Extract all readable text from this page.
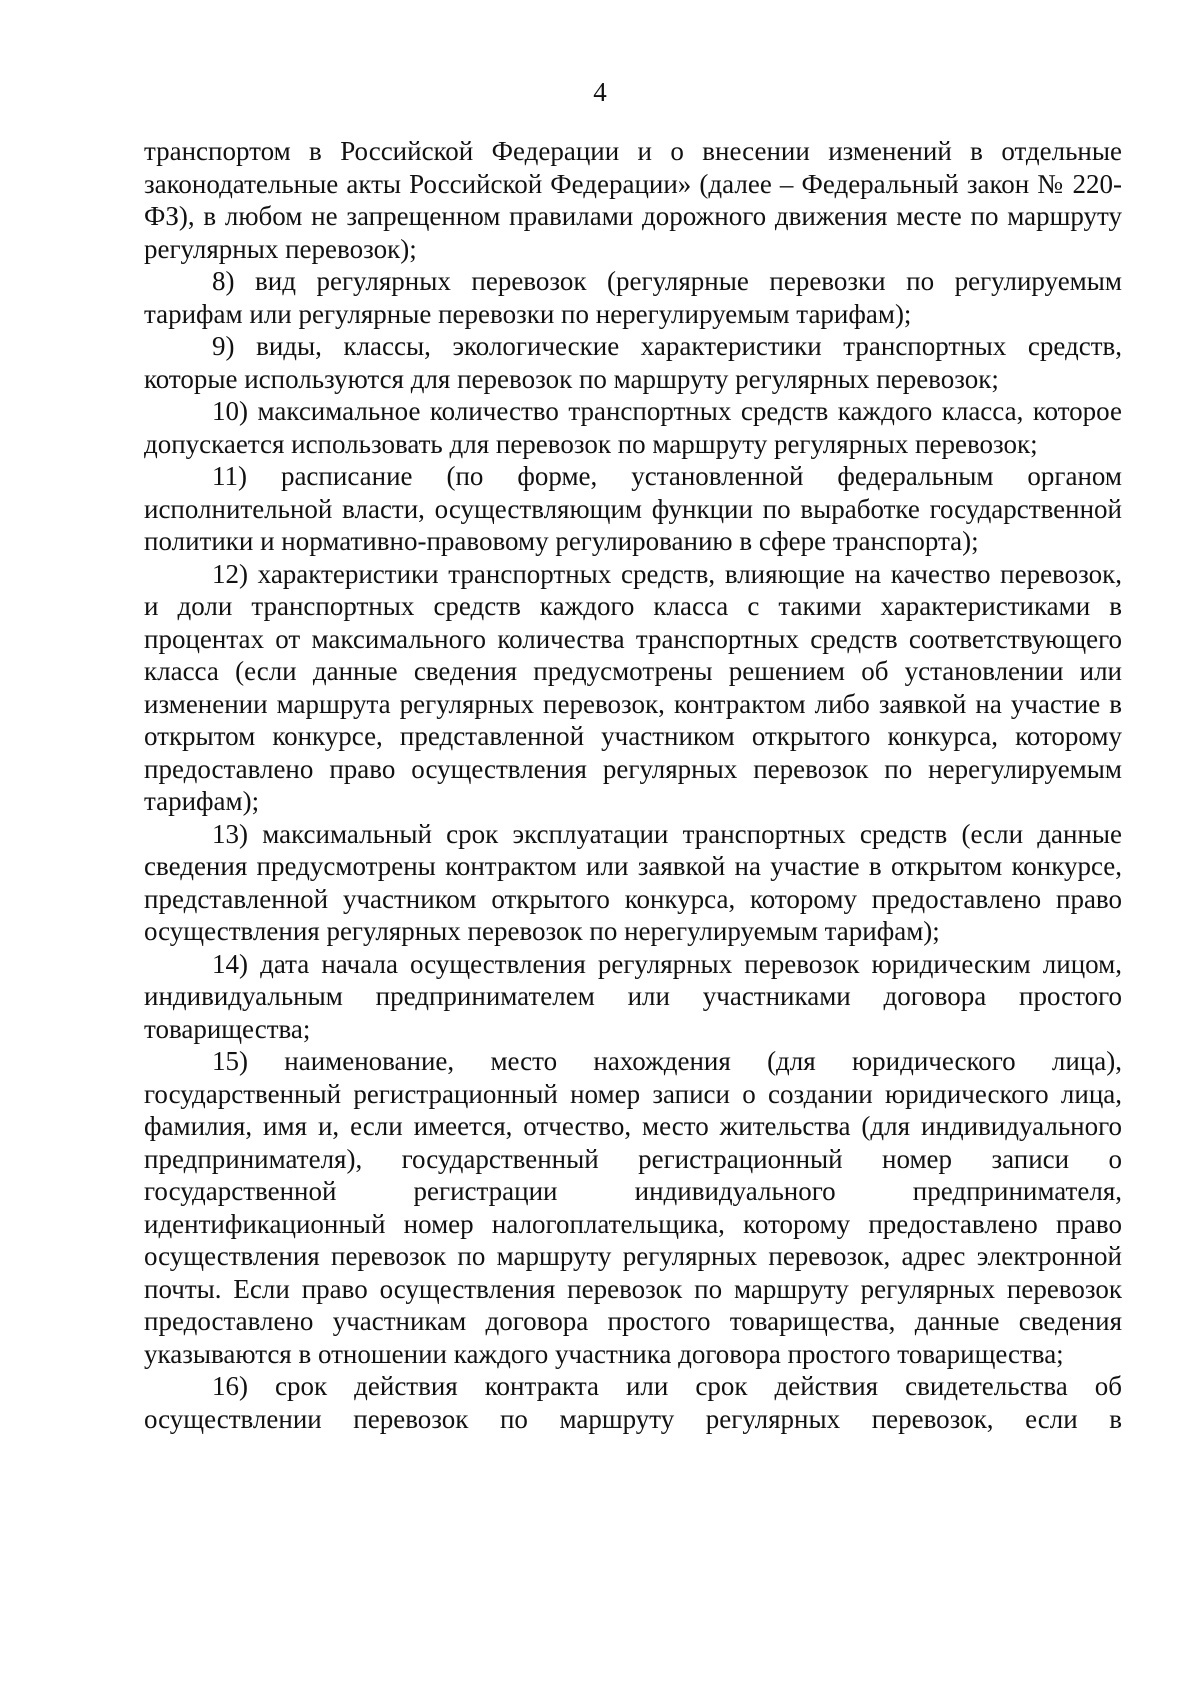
4

транспортом в Российской Федерации и о внесении изменений в отдельные законодательные акты Российской Федерации» (далее – Федеральный закон № 220-ФЗ), в любом не запрещенном правилами дорожного движения месте по маршруту регулярных перевозок);

8) вид регулярных перевозок (регулярные перевозки по регулируемым тарифам или регулярные перевозки по нерегулируемым тарифам);

9) виды, классы, экологические характеристики транспортных средств, которые используются для перевозок по маршруту регулярных перевозок;

10) максимальное количество транспортных средств каждого класса, которое допускается использовать для перевозок по маршруту регулярных перевозок;

11) расписание (по форме, установленной федеральным органом исполнительной власти, осуществляющим функции по выработке государственной политики и нормативно-правовому регулированию в сфере транспорта);

12) характеристики транспортных средств, влияющие на качество перевозок, и доли транспортных средств каждого класса с такими характеристиками в процентах от максимального количества транспортных средств соответствующего класса (если данные сведения предусмотрены решением об установлении или изменении маршрута регулярных перевозок, контрактом либо заявкой на участие в открытом конкурсе, представленной участником открытого конкурса, которому предоставлено право осуществления регулярных перевозок по нерегулируемым тарифам);

13) максимальный срок эксплуатации транспортных средств (если данные сведения предусмотрены контрактом или заявкой на участие в открытом конкурсе, представленной участником открытого конкурса, которому предоставлено право осуществления регулярных перевозок по нерегулируемым тарифам);

14) дата начала осуществления регулярных перевозок юридическим лицом, индивидуальным предпринимателем или участниками договора простого товарищества;

15) наименование, место нахождения (для юридического лица), государственный регистрационный номер записи о создании юридического лица, фамилия, имя и, если имеется, отчество, место жительства (для индивидуального предпринимателя), государственный регистрационный номер записи о государственной регистрации индивидуального предпринимателя, идентификационный номер налогоплательщика, которому предоставлено право осуществления перевозок по маршруту регулярных перевозок, адрес электронной почты. Если право осуществления перевозок по маршруту регулярных перевозок предоставлено участникам договора простого товарищества, данные сведения указываются в отношении каждого участника договора простого товарищества;

16) срок действия контракта или срок действия свидетельства об осуществлении перевозок по маршруту регулярных перевозок, если в
